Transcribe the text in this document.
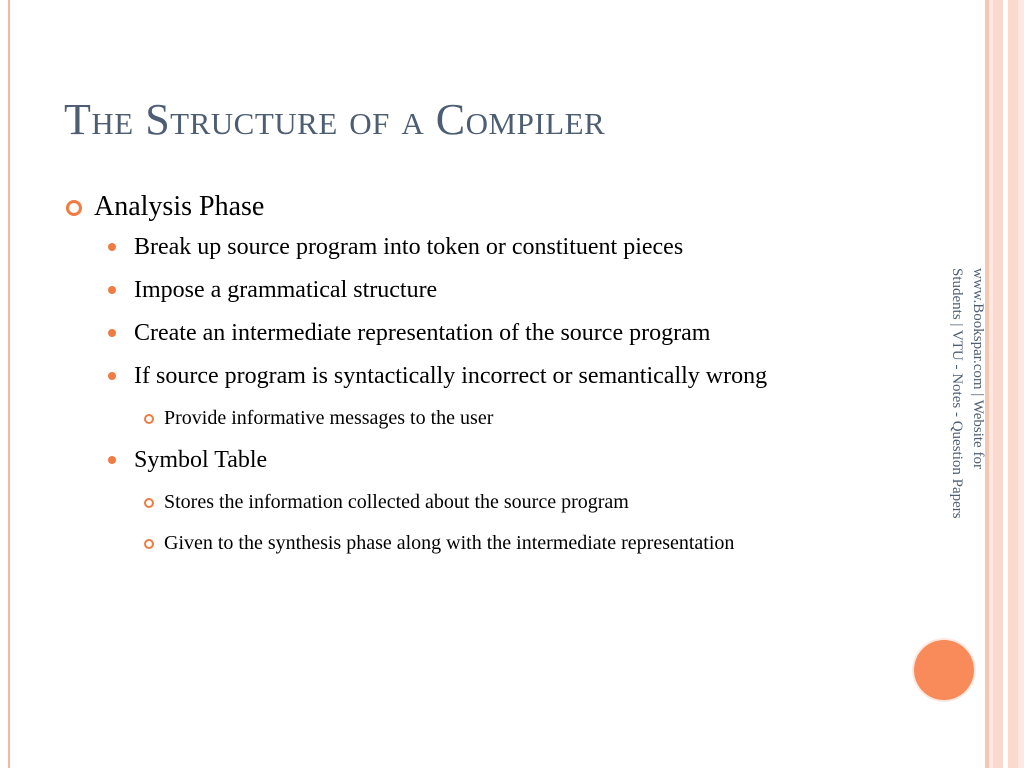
The Structure of a Compiler
Analysis Phase
Break up source program into token or constituent pieces
Impose a grammatical structure
Create an intermediate representation of the source program
If source program is syntactically incorrect or semantically wrong
Provide informative messages to the user
Symbol Table
Stores the information collected about the source program
Given to the synthesis phase along with the intermediate representation
www.Bookspar.com | Website for
Students | VTU - Notes - Question Papers
